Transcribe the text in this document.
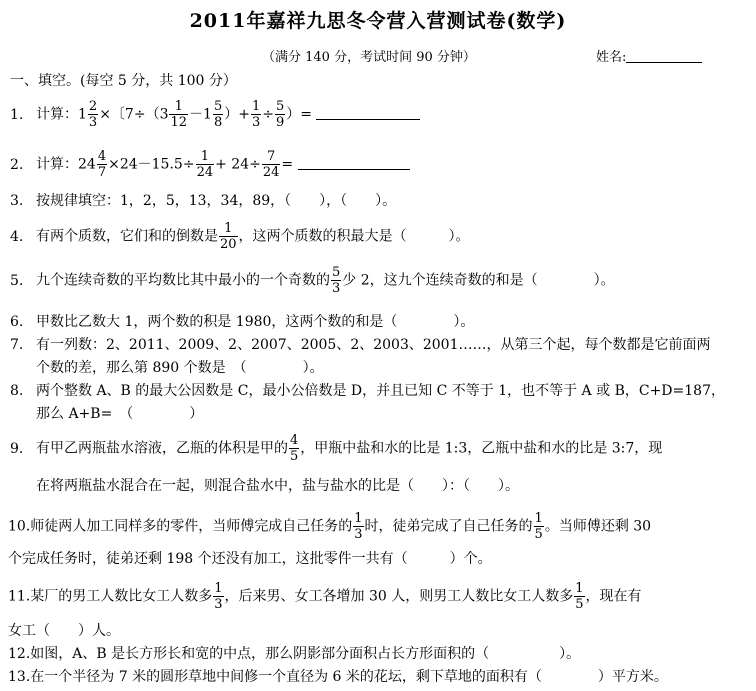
2011年嘉祥九思冬令营入营测试卷(数学)
（满分 140 分，考试时间 90 分钟）	姓名:
一、填空。(每空 5 分，共 100 分）
1. 计算：$1 \frac{2}{3}$ ×〔$7\div(3 \frac{1}{12} -1 \frac{5}{8}$ ）+ $\frac{1}{3} \div \frac{5}{9}$ ）=
2. 计算：$24 \frac{4}{7} \times 24-15.5\div \frac{1}{24} + 24\div \frac{7}{24}$ =
3. 按规律填空：1，2，5，13，34，89，（　　），（　　）。
4. 有两个质数，它们和的倒数是 $\frac{1}{20}$ ，这两个质数的积最大是（　　　）。
5. 九个连续奇数的平均数比其中最小的一个奇数的 $\frac{5}{3}$ 少 2，这九个连续奇数的和是（　　　　）。
6. 甲数比乙数大 1，两个数的积是 1980，这两个数的和是（　　　　）。
7. 有一列数：2、2011、2009、2、2007、2005、2、2003、2001……，从第三个起，每个数都是它前面两
个数的差，那么第 890 个数是　（　　　　）。
8. 两个整数 A、B 的最大公因数是 C，最小公倍数是 D，并且已知 C 不等于 1，也不等于 A 或 B，C+D=187，
那么 A+B=　（　　　　）
9. 有甲乙两瓶盐水溶液，乙瓶的体积是甲的 $\frac{4}{5}$ ，甲瓶中盐和水的比是 1:3，乙瓶中盐和水的比是 3:7，现
在将两瓶盐水混合在一起，则混合盐水中，盐与盐水的比是（　　）：（　　）。
10.师徒两人加工同样多的零件，当师傅完成自己任务的 $\frac{1}{3}$ 时，徒弟完成了自己任务的 $\frac{1}{5}$ 。当师傅还剩 30
个完成任务时，徒弟还剩 198 个还没有加工，这批零件一共有（　　　）个。
11.某厂的男工人数比女工人数多 $\frac{1}{3}$ ，后来男、女工各增加 30 人，则男工人数比女工人数多 $\frac{1}{5}$ ，现在有
女工（　　）人。
12.如图，A、B 是长方形长和宽的中点，那么阴影部分面积占长方形面积的（　　　　　）。
13.在一个半径为 7 米的圆形草地中间修一个直径为 6 米的花坛，剩下草地的面积有（　　　　）平方米。
